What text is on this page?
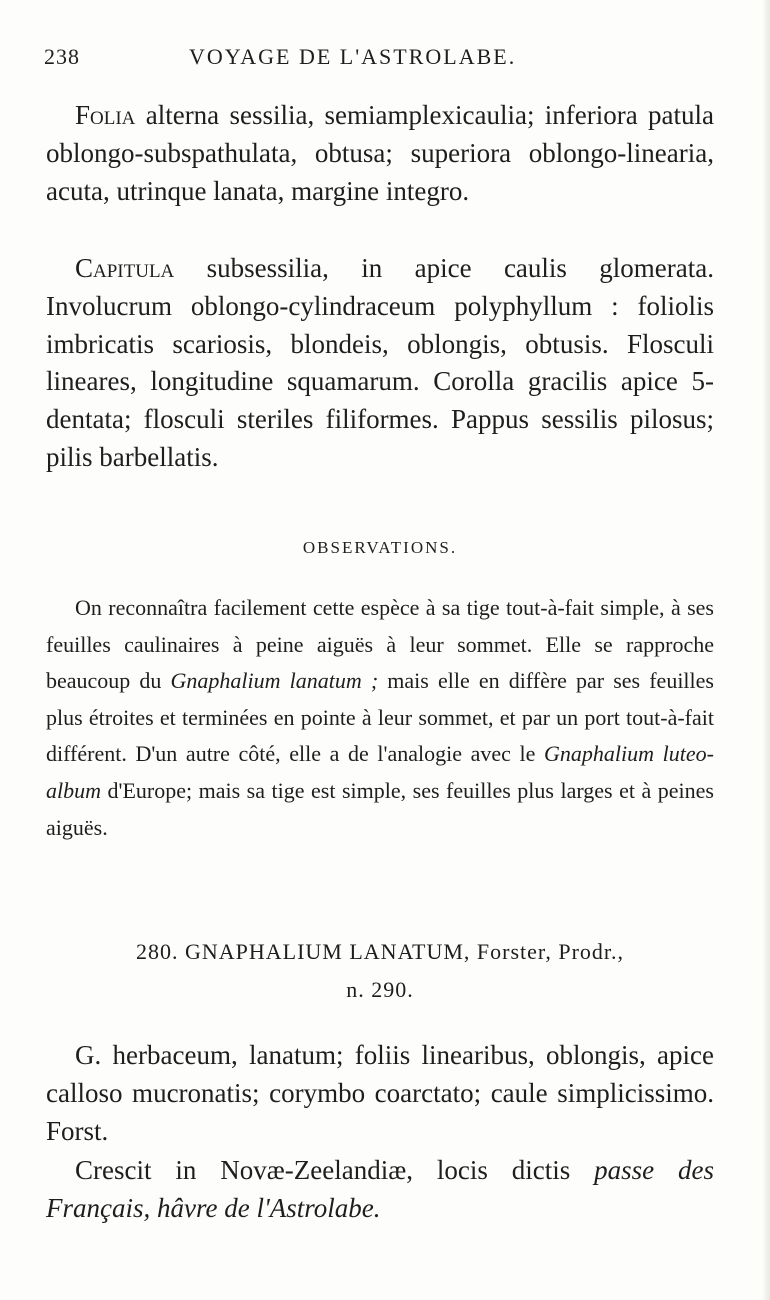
238	VOYAGE DE L'ASTROLABE.

Folia alterna sessilia, semiamplexicaulia; inferiora patula oblongo-subspathulata, obtusa; superiora oblongo-linearia, acuta, utrinque lanata, margine integro.

Capitula subsessilia, in apice caulis glomerata. Involucrum oblongo-cylindraceum polyphyllum : foliolis imbricatis scariosis, blondeis, oblongis, obtusis. Flosculi lineares, longitudine squamarum. Corolla gracilis apice 5-dentata; flosculi steriles filiformes. Pappus sessilis pilosus; pilis barbellatis.

OBSERVATIONS.

On reconnaîtra facilement cette espèce à sa tige tout-à-fait simple, à ses feuilles caulinaires à peine aiguës à leur sommet. Elle se rapproche beaucoup du Gnaphalium lanatum ; mais elle en diffère par ses feuilles plus étroites et terminées en pointe à leur sommet, et par un port tout-à-fait différent. D'un autre côté, elle a de l'analogie avec le Gnaphalium luteo-album d'Europe; mais sa tige est simple, ses feuilles plus larges et à peines aiguës.

280. GNAPHALIUM LANATUM, Forster, Prodr.,
n. 290.

G. herbaceum, lanatum; foliis linearibus, oblongis, apice calloso mucronatis; corymbo coarctato; caule simplicissimo. Forst.

Crescit in Novæ-Zeelandiæ, locis dictis passe des Français, hâvre de l'Astrolabe.
